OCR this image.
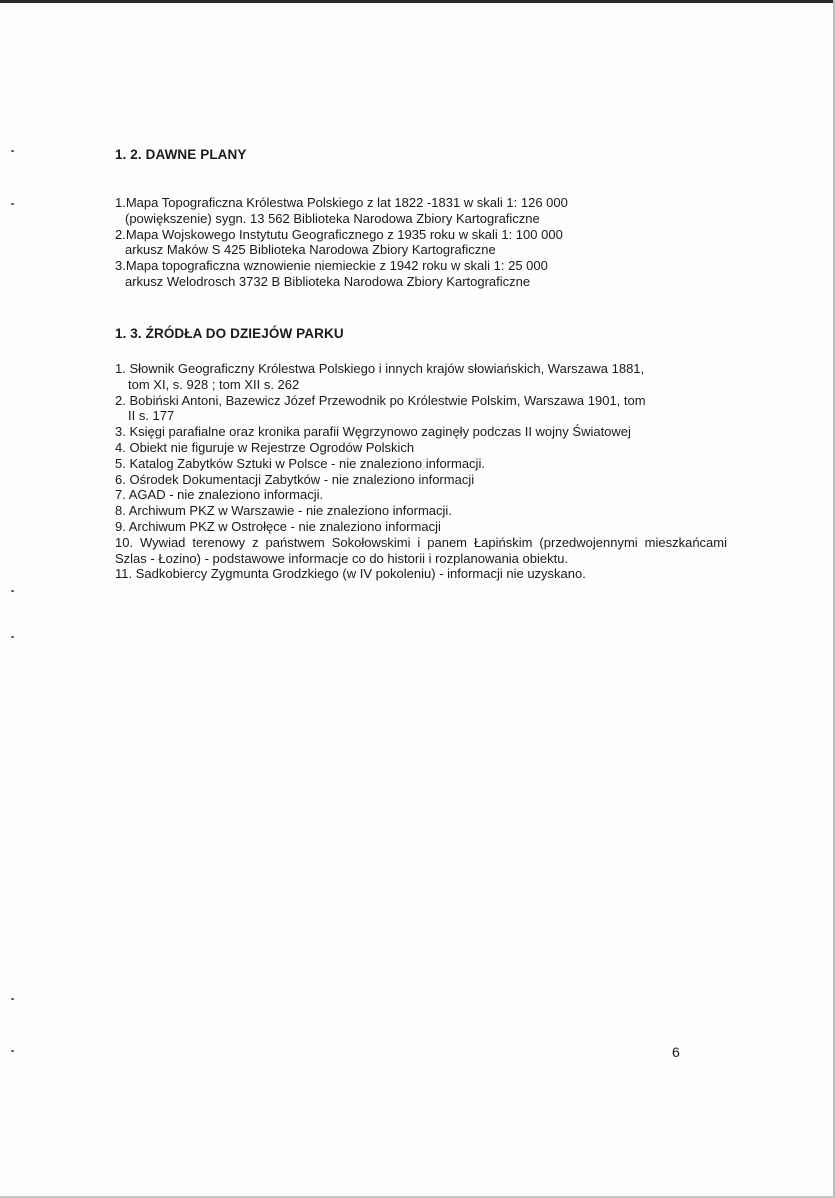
1. 2. DAWNE PLANY
1.Mapa Topograficzna Królestwa Polskiego z lat 1822 -1831 w skali 1: 126 000
(powiększenie) sygn. 13 562 Biblioteka Narodowa Zbiory Kartograficzne
2.Mapa Wojskowego Instytutu Geograficznego z 1935 roku w skali 1: 100 000
arkusz Maków S 425 Biblioteka Narodowa Zbiory Kartograficzne
3.Mapa topograficzna wznowienie niemieckie z 1942 roku w skali 1: 25 000
arkusz Welodrosch 3732 B Biblioteka Narodowa Zbiory Kartograficzne
1. 3. ŹRÓDŁA DO DZIEJÓW PARKU
1. Słownik Geograficzny Królestwa Polskiego i innych krajów słowiańskich, Warszawa 1881,
tom XI, s. 928 ; tom XII s. 262
2. Bobiński Antoni, Bazewicz Józef Przewodnik po Królestwie Polskim, Warszawa 1901, tom
II s. 177
3. Księgi parafialne oraz kronika parafii Węgrzynowo zaginęły podczas II wojny Światowej
4. Obiekt nie figuruje w Rejestrze Ogrodów Polskich
5. Katalog Zabytków Sztuki w Polsce - nie znaleziono informacji.
6. Ośrodek Dokumentacji Zabytków - nie znaleziono informacji
7. AGAD - nie znaleziono informacji.
8. Archiwum PKZ w Warszawie - nie znaleziono informacji.
9. Archiwum PKZ w Ostrołęce - nie znaleziono informacji
10. Wywiad terenowy z państwem Sokołowskimi i panem Łapińskim (przedwojennymi mieszkańcami Szlas - Łozino) - podstawowe informacje co do historii i rozplanowania obiektu.
11. Sadkobiercy Zygmunta Grodzkiego (w IV pokoleniu) - informacji nie uzyskano.
6
